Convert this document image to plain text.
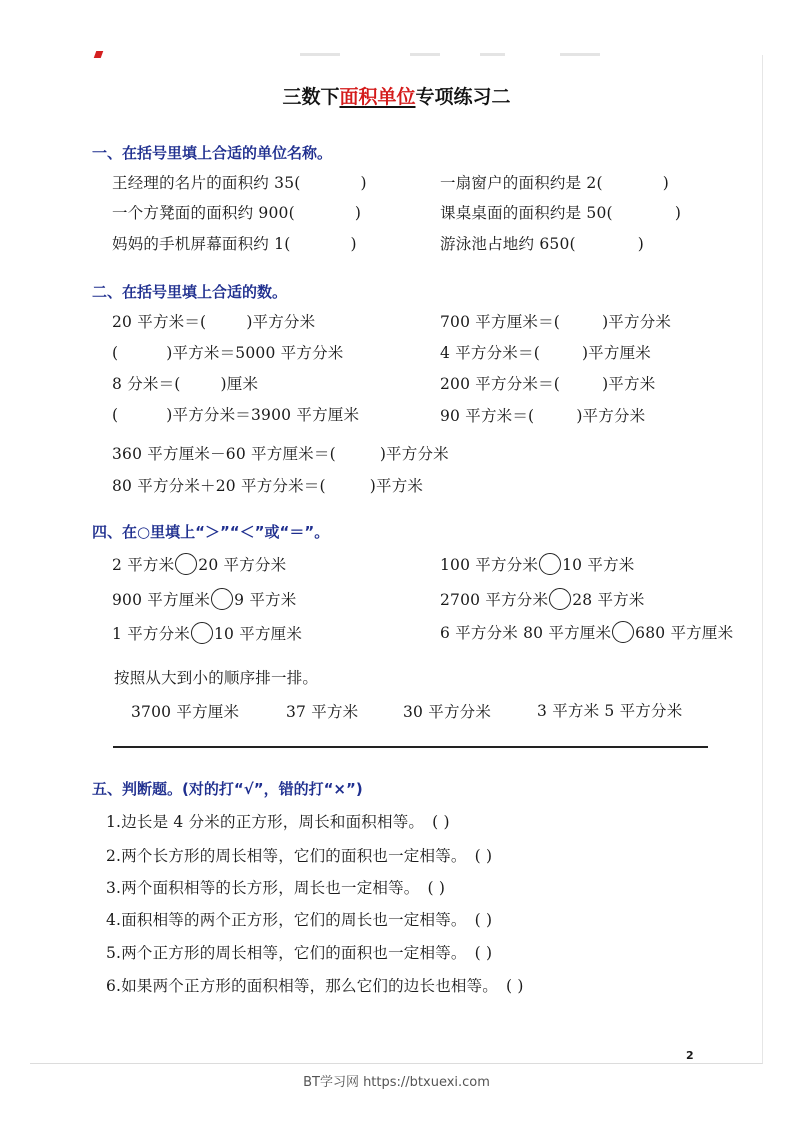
三数下面积单位专项练习二
一、在括号里填上合适的单位名称。
王经理的名片的面积约 35(	)	一扇窗户的面积约是 2(	)
一个方凳面的面积约 900(	)	课桌桌面的面积约是 50(	)
妈妈的手机屏幕面积约 1(	)	游泳池占地约 650(	)
二、在括号里填上合适的数。
20 平方米＝(	)平方分米	700 平方厘米＝(	)平方分米
(	)平方米＝5000 平方分米	4 平方分米＝(	)平方厘米
8 分米＝(	)厘米	200 平方分米＝(	)平方米
(	)平方分米＝3900 平方厘米	90 平方米＝(	)平方分米
360 平方厘米－60 平方厘米＝(	)平方分米
80 平方分米＋20 平方分米＝(	)平方米
四、在○里填上“＞”“＜”或“＝”。
2 平方米 20 平方分米	100 平方分米 10 平方米
900 平方厘米 9 平方米	2700 平方分米 28 平方米
1 平方分米 10 平方厘米	6 平方分米 80 平方厘米 680 平方厘米
按照从大到小的顺序排一排。
3700 平方厘米	37 平方米	30 平方分米	3 平方米 5 平方分米
五、判断题。(对的打“√”，错的打“×”)
1.边长是 4 分米的正方形，周长和面积相等。 ( )
2.两个长方形的周长相等，它们的面积也一定相等。 ( )
3.两个面积相等的长方形，周长也一定相等。 ( )
4.面积相等的两个正方形，它们的周长也一定相等。 ( )
5.两个正方形的周长相等，它们的面积也一定相等。 ( )
6.如果两个正方形的面积相等，那么它们的边长也相等。 ( )
2
BT学习网 https://btxuexi.com
